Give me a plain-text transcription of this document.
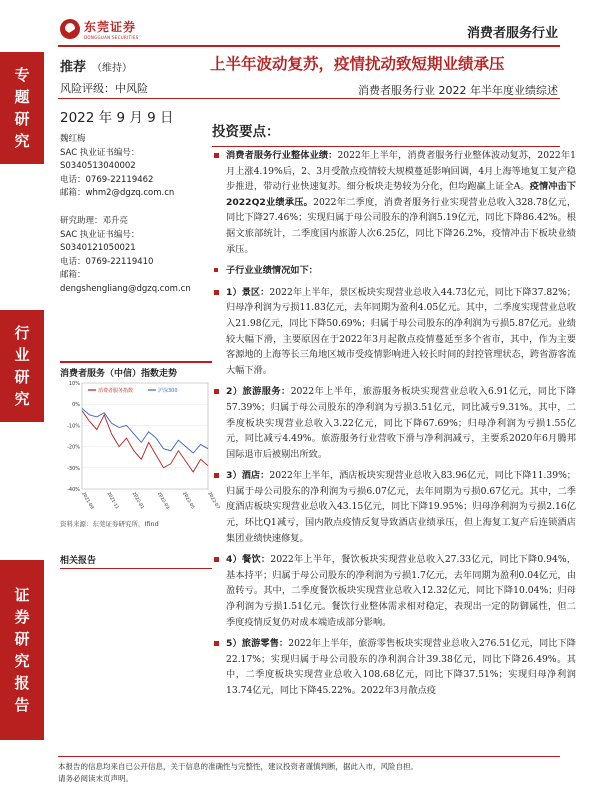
东莞证券
DONGGUAN SECURITIES	消费者服务行业
专
题
研
究
行
业
研
究
证
券
研
究
报
告
推荐 （维持）
风险评级：中风险
上半年波动复苏，疫情扰动致短期业绩承压
消费者服务行业 2022 年半年度业绩综述
2022 年 9 月 9 日
魏红梅
SAC 执业证书编号：
S0340513040002
电话：0769-22119462
邮箱：whm2@dgzq.com.cn
研究助理：邓升亮
SAC 执业证书编号：
S0340121050021
电话：0769-22119410
邮箱：
dengshengliang@dgzq.com.cn
消费者服务（中信）指数走势
10%
0%
-10%
-20%
-30%
-40%
2021-09	2021-11	2022-01	2022-03	2022-05	2022-07
消费者服务指数	沪深300
资料来源：东莞证券研究所，Ifind
相关报告
投资要点：
消费者服务行业整体业绩：2022年上半年，消费者服务行业整体波动复苏，2022年1月上涨4.19%后，2、3月受散点疫情较大规模蔓延影响回调，4月上海等地复工复产稳步推进，带动行业快速复苏。细分板块走势较为分化，但均跑赢上证全A。疫情冲击下2022Q2业绩承压。2022年二季度，消费者服务行业实现营业总收入328.78亿元，同比下降27.46%；实现归属于母公司股东的净利润5.19亿元，同比下降86.42%。根据文旅部统计，二季度国内旅游人次6.25亿，同比下降26.2%，疫情冲击下板块业绩承压。
子行业业绩情况如下：
1）景区：2022年上半年，景区板块实现营业总收入44.73亿元，同比下降37.82%；归母净利润为亏损11.83亿元，去年同期为盈利4.05亿元。其中，二季度实现营业总收入21.98亿元，同比下降50.69%；归属于母公司股东的净利润为亏损5.87亿元。业绩较大幅下滑，主要原因在于2022年3月起散点疫情蔓延至多个省市，其中，作为主要客源地的上海等长三角地区城市受疫情影响进入较长时间的封控管理状态，跨省游客流大幅下滑。
2）旅游服务：2022年上半年，旅游服务板块实现营业总收入6.91亿元，同比下降57.39%；归属于母公司股东的净利润为亏损3.51亿元，同比减亏9.31%。其中，二季度板块实现营业总收入3.22亿元，同比下降67.69%；归母净利润为亏损1.55亿元，同比减亏4.49%。旅游服务行业营收下滑与净利润减亏，主要系2020年6月腾邦国际退市后被剔出所致。
3）酒店：2022年上半年，酒店板块实现营业总收入83.96亿元，同比下降11.39%；归属于母公司股东的净利润为亏损6.07亿元，去年同期为亏损0.67亿元。其中，二季度酒店板块实现营业总收入43.15亿元，同比下降19.95%；归母净利润为亏损2.16亿元，环比Q1减亏，国内散点疫情反复导致酒店业绩承压，但上海复工复产后连锁酒店集团业绩快速修复。
4）餐饮：2022年上半年，餐饮板块实现营业总收入27.33亿元，同比下降0.94%，基本持平；归属于母公司股东的净利润为亏损1.7亿元，去年同期为盈利0.04亿元，由盈转亏。其中，二季度餐饮板块实现营业总收入12.32亿元，同比下降10.04%；归母净利润为亏损1.51亿元。餐饮行业整体需求相对稳定，表现出一定的防御属性，但二季度疫情反复仍对成本端造成部分影响。
5）旅游零售：2022年上半年，旅游零售板块实现营业总收入276.51亿元，同比下降22.17%；实现归属于母公司股东的净利润合计39.38亿元，同比下降26.49%。其中，二季度板块实现营业总收入108.68亿元，同比下降37.51%；实现归母净利润13.74亿元，同比下降45.22%。2022年3月散点疫
本报告的信息均来自已公开信息，关于信息的准确性与完整性，建议投资者谨慎判断，据此入市，风险自担。
请务必阅读末页声明。
